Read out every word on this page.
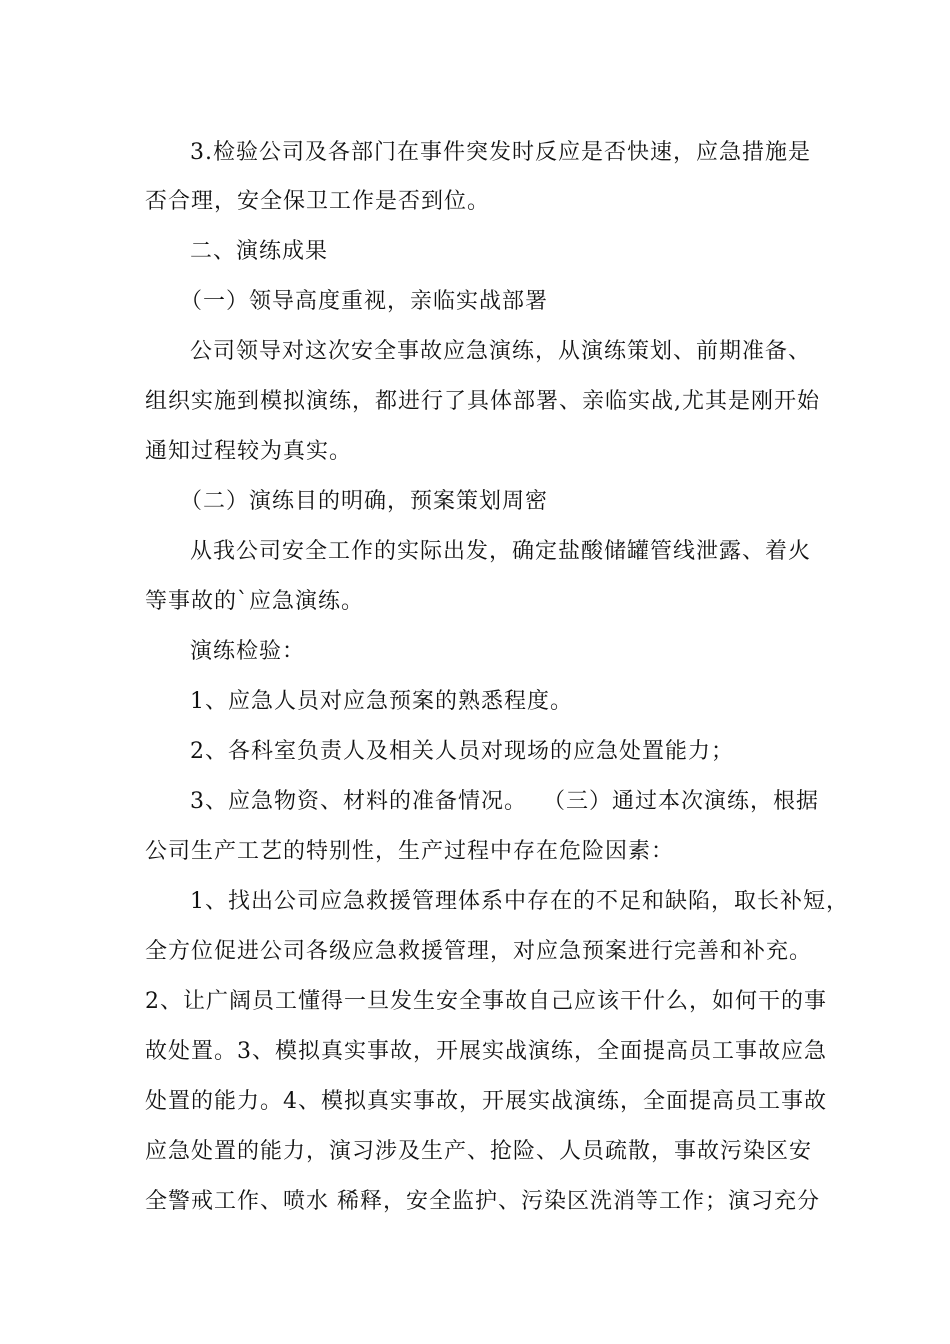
3.检验公司及各部门在事件突发时反应是否快速，应急措施是
否合理，安全保卫工作是否到位。
二、演练成果
（一）领导高度重视，亲临实战部署
公司领导对这次安全事故应急演练，从演练策划、前期准备、
组织实施到模拟演练，都进行了具体部署、亲临实战,尤其是刚开始
通知过程较为真实。
（二）演练目的明确，预案策划周密
从我公司安全工作的实际出发，确定盐酸储罐管线泄露、着火
等事故的`应急演练。
演练检验：
1、应急人员对应急预案的熟悉程度。
2、各科室负责人及相关人员对现场的应急处置能力；
3、应急物资、材料的准备情况。  （三）通过本次演练，根据
公司生产工艺的特别性，生产过程中存在危险因素：
1、找出公司应急救援管理体系中存在的不足和缺陷，取长补短，
全方位促进公司各级应急救援管理，对应急预案进行完善和补充。
2、让广阔员工懂得一旦发生安全事故自己应该干什么，如何干的事
故处置。3、模拟真实事故，开展实战演练，全面提高员工事故应急
处置的能力。4、模拟真实事故，开展实战演练，全面提高员工事故
应急处置的能力，演习涉及生产、抢险、人员疏散，事故污染区安
全警戒工作、喷水 稀释，安全监护、污染区洗消等工作；演习充分
